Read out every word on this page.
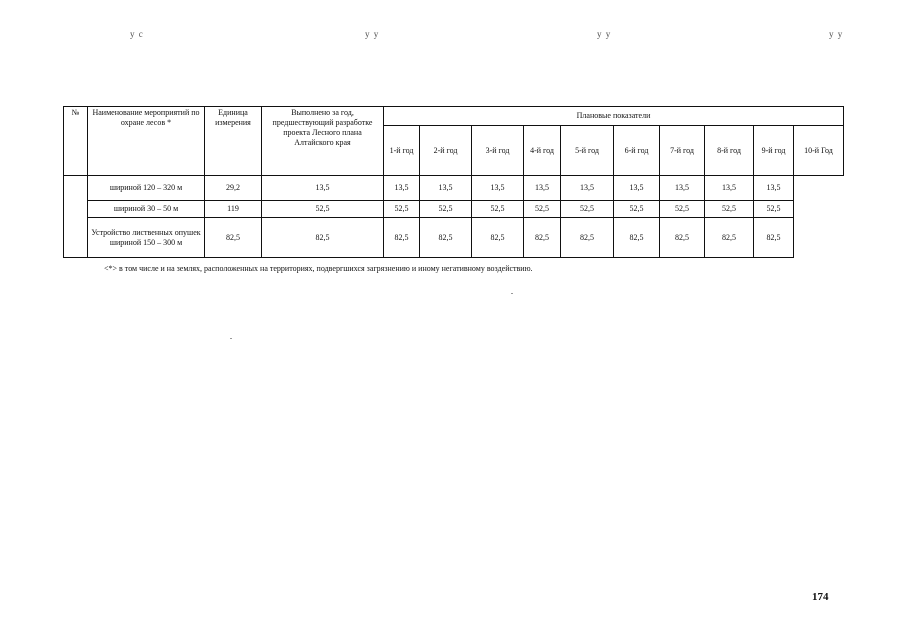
у с	у у	у у	у у
№	Наименование мероприятий по охране лесов *	Единица измерения	Выполнено за год, предшествующий разработке проекта Лесного плана Алтайского края	Плановые показатели									
				1-й год	2-й год	3-й год	4-й год	5-й год	6-й год	7-й год	8-й год	9-й год	10-й Год
	шириной 120 – 320 м	29,2	13,5	13,5	13,5	13,5	13,5	13,5	13,5	13,5	13,5	13,5	
	шириной 30 – 50 м	119	52,5	52,5	52,5	52,5	52,5	52,5	52,5	52,5	52,5	52,5	
	Устройство лиственных опушек шириной 150 – 300 м	82,5	82,5	82,5	82,5	82,5	82,5	82,5	82,5	82,5	82,5	82,5	
<*> в том числе и на землях, расположенных на территориях, подвергшихся загрязнению и иному негативному воздействию.
174
